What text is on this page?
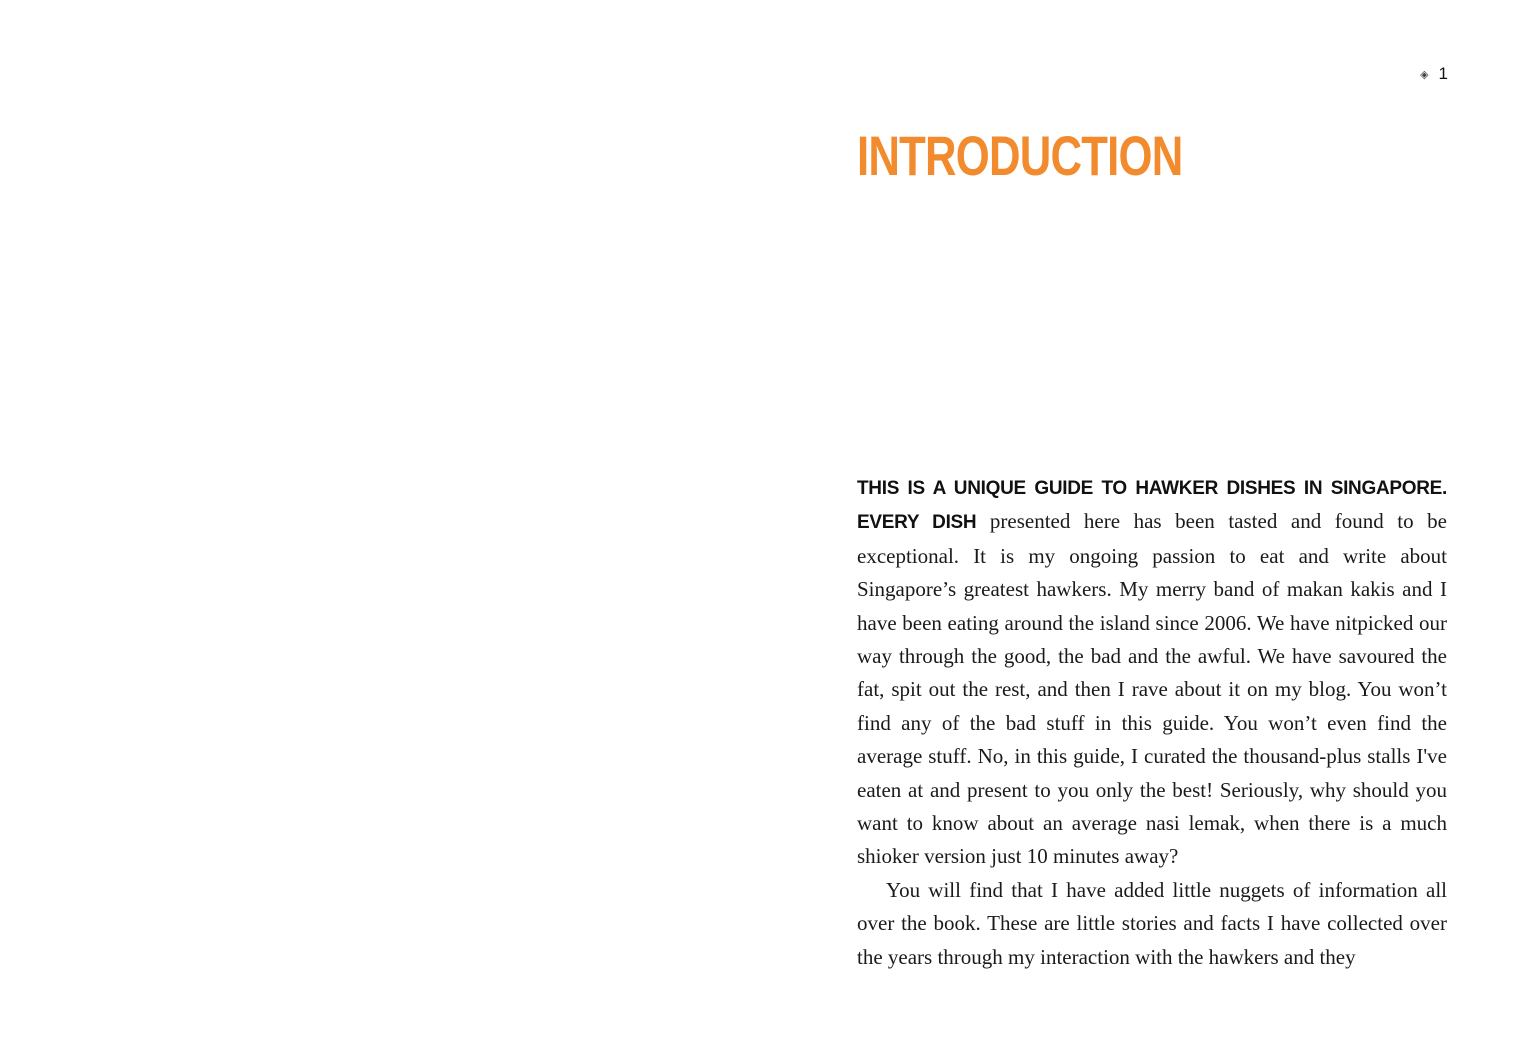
◈ 1
INTRODUCTION

THIS IS A UNIQUE GUIDE TO HAWKER DISHES IN SINGAPORE. EVERY DISH presented here has been tasted and found to be exceptional. It is my ongoing passion to eat and write about Singapore’s greatest hawkers. My merry band of makan kakis and I have been eating around the island since 2006. We have nitpicked our way through the good, the bad and the awful. We have savoured the fat, spit out the rest, and then I rave about it on my blog. You won’t find any of the bad stuff in this guide. You won’t even find the average stuff. No, in this guide, I curated the thousand-plus stalls I've eaten at and present to you only the best! Seriously, why should you want to know about an average nasi lemak, when there is a much shioker version just 10 minutes away?

You will find that I have added little nuggets of information all over the book. These are little stories and facts I have collected over the years through my interaction with the hawkers and they
